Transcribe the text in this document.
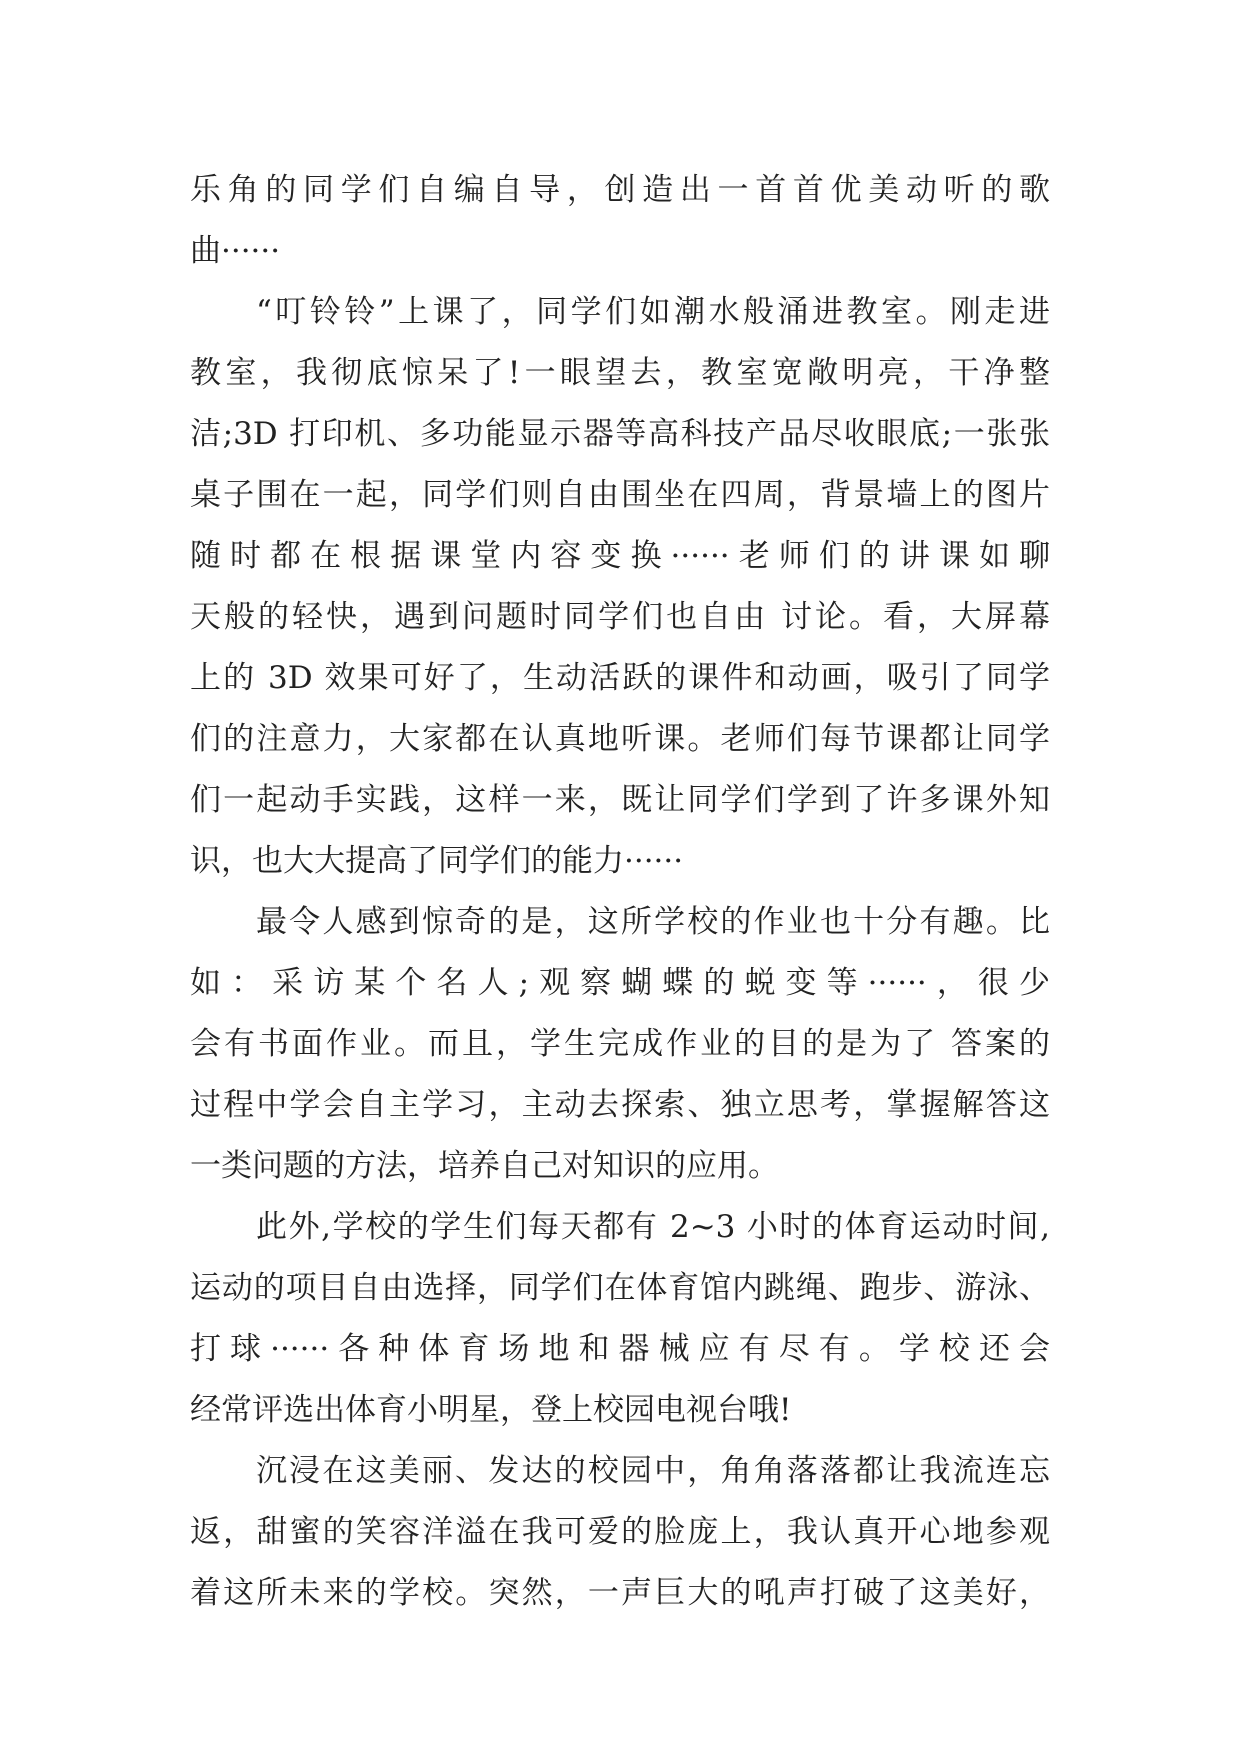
乐角的同学们自编自导，创造出一首首优美动听的歌
曲······
“叮铃铃”上课了，同学们如潮水般涌进教室。刚走进
教室，我彻底惊呆了!一眼望去，教室宽敞明亮，干净整
洁;3D 打印机、多功能显示器等高科技产品尽收眼底;一张张
桌子围在一起，同学们则自由围坐在四周，背景墙上的图片
随时都在根据课堂内容变换······老师们的讲课如聊
天般的轻快，遇到问题时同学们也自由 讨论。看，大屏幕
上的 3D 效果可好了，生动活跃的课件和动画，吸引了同学
们的注意力，大家都在认真地听课。老师们每节课都让同学
们一起动手实践，这样一来，既让同学们学到了许多课外知
识，也大大提高了同学们的能力······
最令人感到惊奇的是，这所学校的作业也十分有趣。比
如：采访某个名人;观察蝴蝶的蜕变等······，很少
会有书面作业。而且，学生完成作业的目的是为了 答案的
过程中学会自主学习，主动去探索、独立思考，掌握解答这
一类问题的方法，培养自己对知识的应用。
此外,学校的学生们每天都有 2~3 小时的体育运动时间,
运动的项目自由选择，同学们在体育馆内跳绳、跑步、游泳、
打球······各种体育场地和器械应有尽有。学校还会
经常评选出体育小明星，登上校园电视台哦!
沉浸在这美丽、发达的校园中，角角落落都让我流连忘
返，甜蜜的笑容洋溢在我可爱的脸庞上，我认真开心地参观
着这所未来的学校。突然，一声巨大的吼声打破了这美好，
